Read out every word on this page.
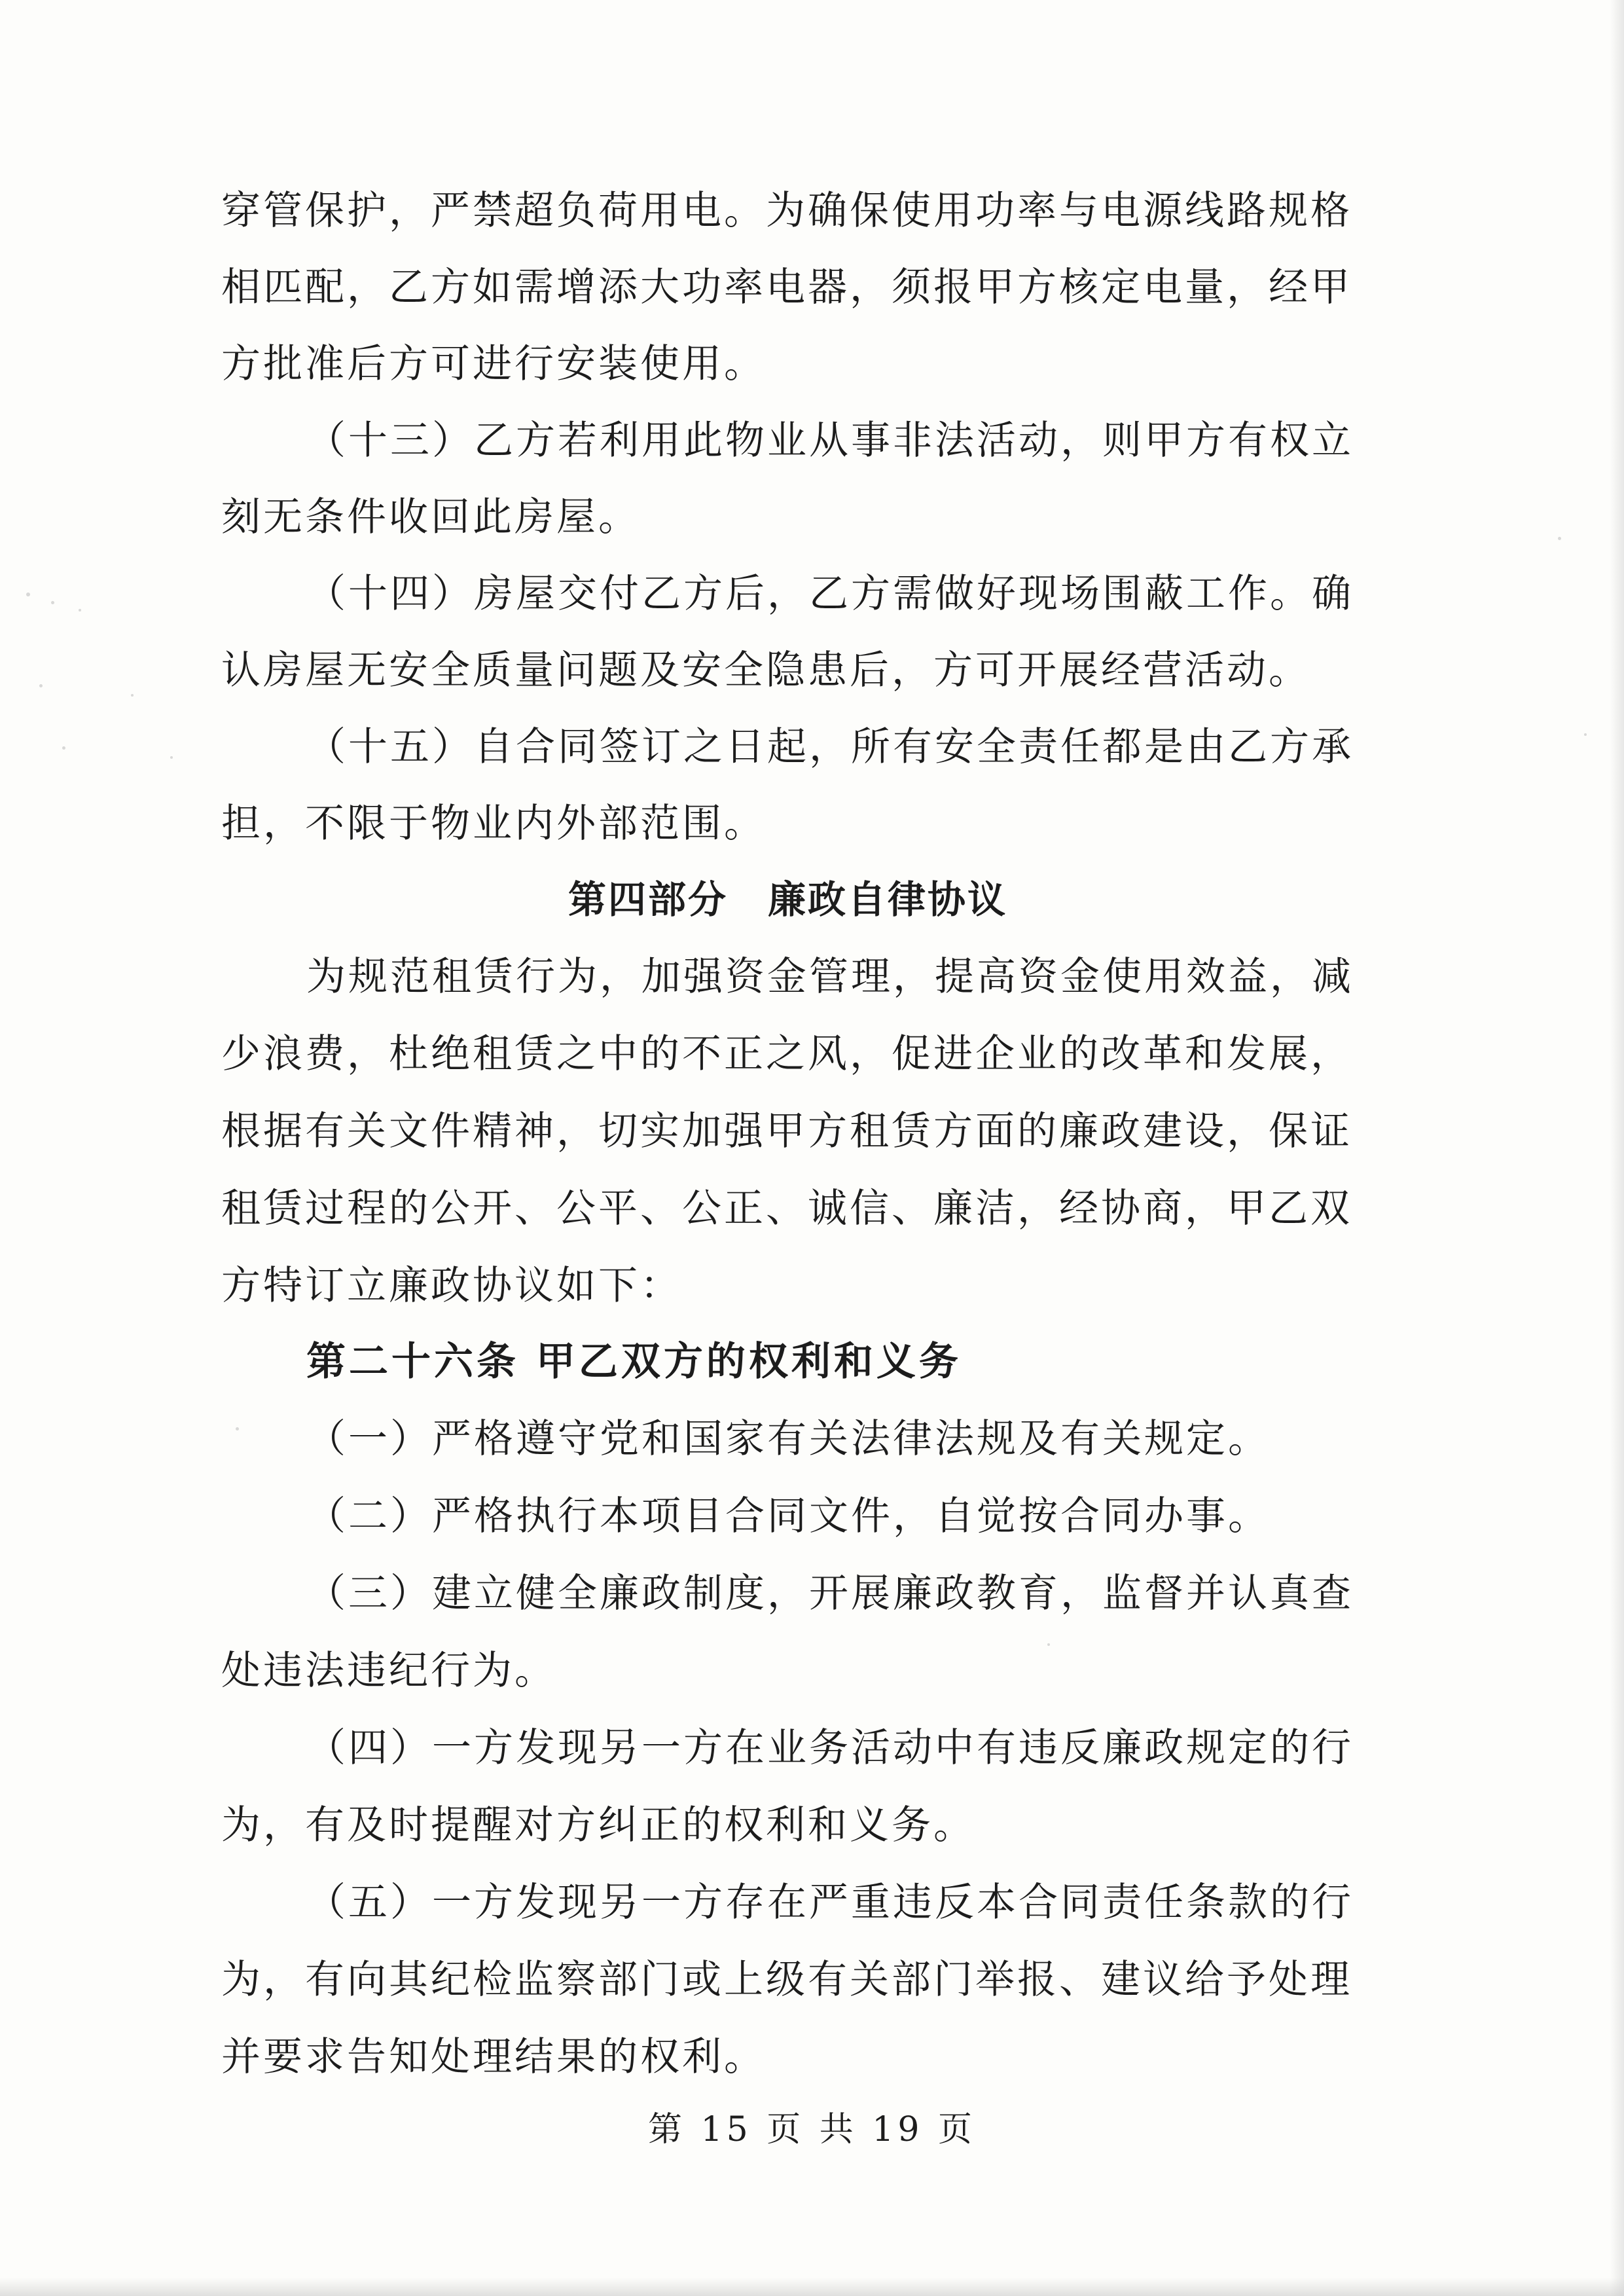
穿管保护，严禁超负荷用电。为确保使用功率与电源线路规格
相匹配，乙方如需增添大功率电器，须报甲方核定电量，经甲
方批准后方可进行安装使用。
（十三）乙方若利用此物业从事非法活动，则甲方有权立
刻无条件收回此房屋。
（十四）房屋交付乙方后，乙方需做好现场围蔽工作。确
认房屋无安全质量问题及安全隐患后，方可开展经营活动。
（十五）自合同签订之日起，所有安全责任都是由乙方承
担，不限于物业内外部范围。
第四部分　廉政自律协议
为规范租赁行为，加强资金管理，提高资金使用效益，减
少浪费，杜绝租赁之中的不正之风，促进企业的改革和发展，
根据有关文件精神，切实加强甲方租赁方面的廉政建设，保证
租赁过程的公开、公平、公正、诚信、廉洁，经协商，甲乙双
方特订立廉政协议如下：
第二十六条 甲乙双方的权利和义务
（一）严格遵守党和国家有关法律法规及有关规定。
（二）严格执行本项目合同文件，自觉按合同办事。
（三）建立健全廉政制度，开展廉政教育，监督并认真查
处违法违纪行为。
（四）一方发现另一方在业务活动中有违反廉政规定的行
为，有及时提醒对方纠正的权利和义务。
（五）一方发现另一方存在严重违反本合同责任条款的行
为，有向其纪检监察部门或上级有关部门举报、建议给予处理
并要求告知处理结果的权利。
第 15 页 共 19 页
